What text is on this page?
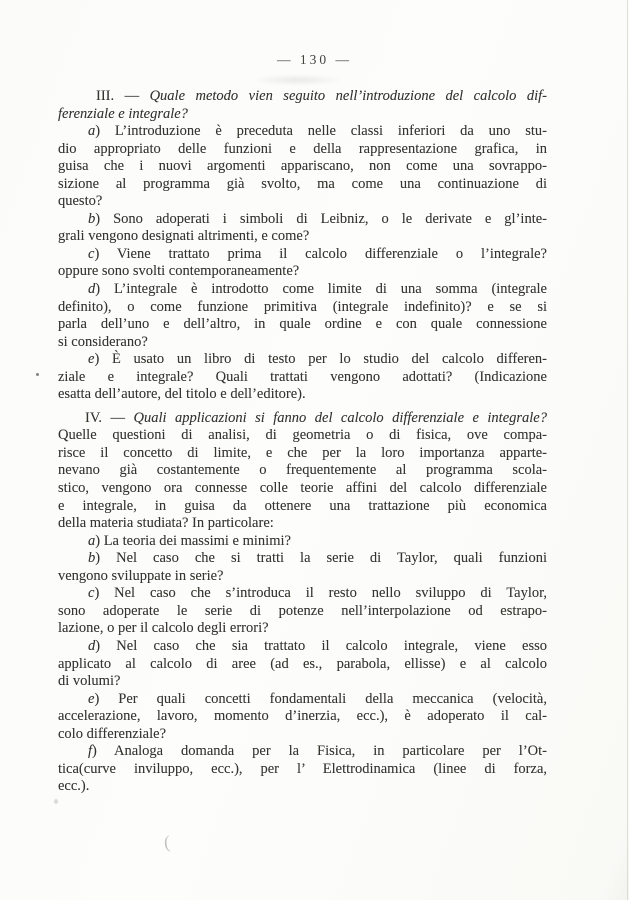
— 130 —
III. — Quale metodo vien seguito nell’introduzione del calcolo dif-
ferenziale e integrale?
a) L’introduzione è preceduta nelle classi inferiori da uno stu-
dio appropriato delle funzioni e della rappresentazione grafica, in
guisa che i nuovi argomenti appariscano, non come una sovrappo-
sizione al programma già svolto, ma come una continuazione di
questo?
b) Sono adoperati i simboli di Leibniz, o le derivate e gl’inte-
grali vengono designati altrimenti, e come?
c) Viene trattato prima il calcolo differenziale o l’integrale?
oppure sono svolti contemporaneamente?
d) L’integrale è introdotto come limite di una somma (integrale
definito), o come funzione primitiva (integrale indefinito)? e se si
parla dell’uno e dell’altro, in quale ordine e con quale connessione
si considerano?
e) È usato un libro di testo per lo studio del calcolo differen-
ziale e integrale? Quali trattati vengono adottati? (Indicazione
esatta dell’autore, del titolo e dell’editore).
IV. — Quali applicazioni si fanno del calcolo differenziale e integrale?
Quelle questioni di analisi, di geometria o di fisica, ove compa-
risce il concetto di limite, e che per la loro importanza apparte-
nevano già costantemente o frequentemente al programma scola-
stico, vengono ora connesse colle teorie affini del calcolo differenziale
e integrale, in guisa da ottenere una trattazione più economica
della materia studiata? In particolare:
a) La teoria dei massimi e minimi?
b) Nel caso che si tratti la serie di Taylor, quali funzioni
vengono sviluppate in serie?
c) Nel caso che s’introduca il resto nello sviluppo di Taylor,
sono adoperate le serie di potenze nell’interpolazione od estrapo-
lazione, o per il calcolo degli errori?
d) Nel caso che sia trattato il calcolo integrale, viene esso
applicato al calcolo di aree (ad es., parabola, ellisse) e al calcolo
di volumi?
e) Per quali concetti fondamentali della meccanica (velocità,
accelerazione, lavoro, momento d’inerzia, ecc.), è adoperato il cal-
colo differenziale?
f) Analoga domanda per la Fisica, in particolare per l’Ot-
tica(curve inviluppo, ecc.), per l’ Elettrodinamica (linee di forza,
ecc.).
(
